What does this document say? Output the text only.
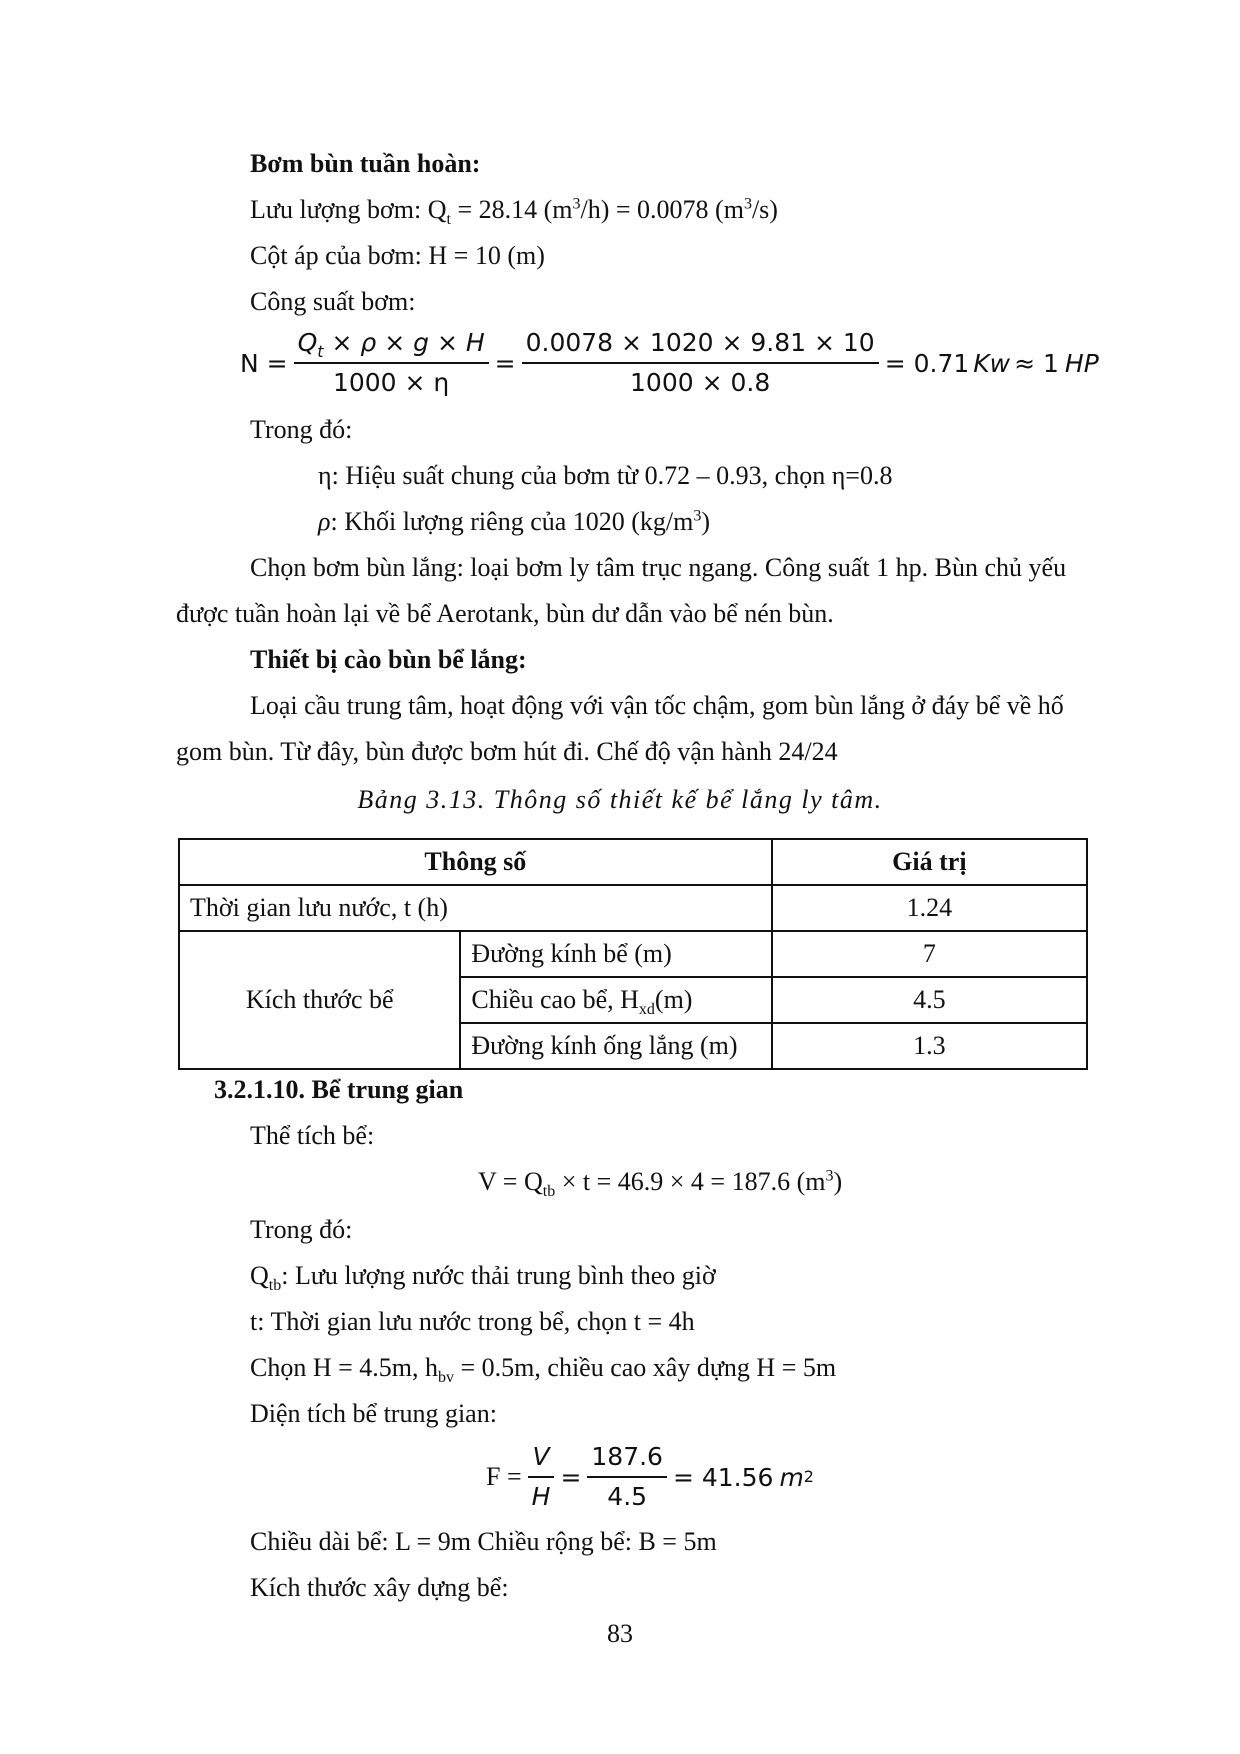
Bơm bùn tuần hoàn:
Lưu lượng bơm: $Q_t = 28.14$ $(m^3/h) = 0.0078$ $(m^3/s)$
Cột áp của bơm: H = 10 (m)
Công suất bơm:
$N = \frac{Q_t \times \rho \times g \times H}{1000 \times \eta} = \frac{0.0078 \times 1020 \times 9.81 \times 10}{1000 \times 0.8} = 0.71$ Kw ≈ 1 HP
Trong đó:
η: Hiệu suất chung của bơm từ 0.72 – 0.93, chọn η=0.8
ρ: Khối lượng riêng của 1020 $(kg/m^3)$
Chọn bơm bùn lắng: loại bơm ly tâm trục ngang. Công suất 1 hp. Bùn chủ yếu
được tuần hoàn lại về bể Aerotank, bùn dư dẫn vào bể nén bùn.
Thiết bị cào bùn bể lắng:
Loại cầu trung tâm, hoạt động với vận tốc chậm, gom bùn lắng ở đáy bể về hố
gom bùn. Từ đây, bùn được bơm hút đi. Chế độ vận hành 24/24
Bảng 3.13. Thông số thiết kế bể lắng ly tâm.
Thông số		Giá trị
Thời gian lưu nước, t (h)		1.24
Kích thước bể	Đường kính bể (m)	7
	Chiều cao bể, $H_{xd}(m)$	4.5
	Đường kính ống lắng (m)	1.3
3.2.1.10. Bể trung gian
Thể tích bể:
$V = Q_{tb} \times t = 46.9 \times 4 = 187.6$ $(m^3)$
Trong đó:
$Q_{tb}$: Lưu lượng nước thải trung bình theo giờ
t: Thời gian lưu nước trong bể, chọn t = 4h
Chọn H = 4.5m, $h_{bv} = 0.5m$, chiều cao xây dựng H = 5m
Diện tích bể trung gian:
$F = \frac{V}{H} = \frac{187.6}{4.5} = 41.56$ m 2
Chiều dài bể: L = 9m Chiều rộng bể: B = 5m
Kích thước xây dựng bể:
83
